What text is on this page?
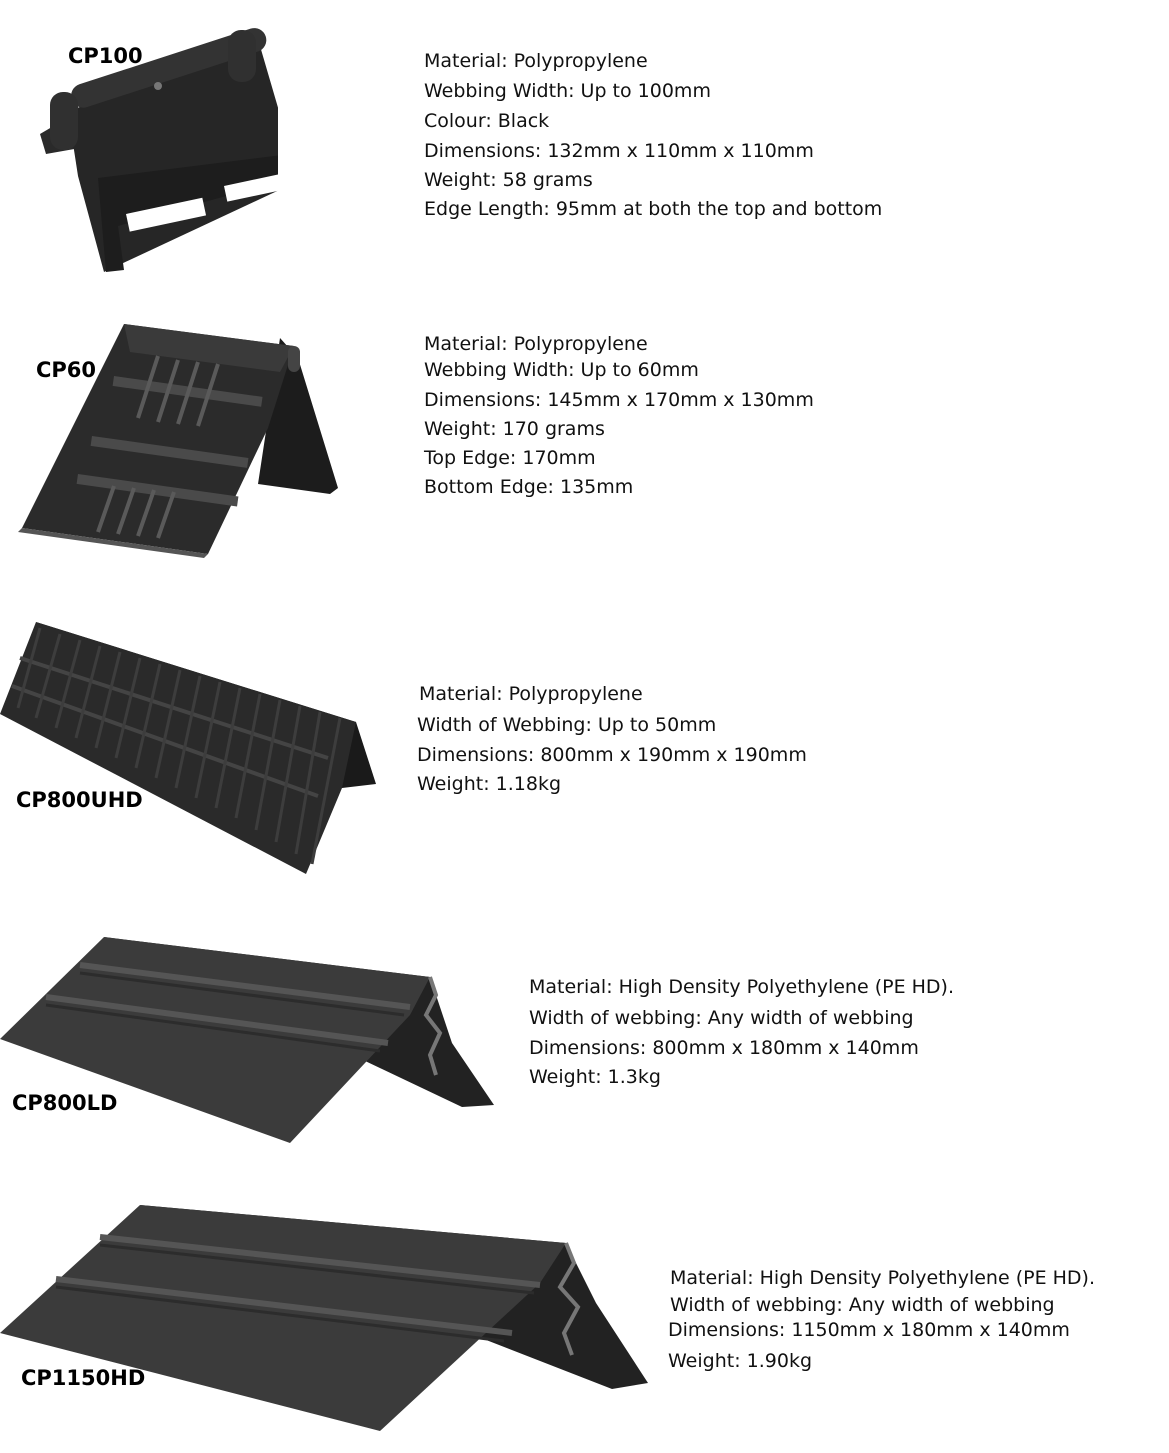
CP100	Material: Polypropylene
Webbing Width: Up to 100mm
Colour: Black
Dimensions: 132mm x 110mm x 110mm
Weight: 58 grams
Edge Length: 95mm at both the top and bottom
CP60
Material: Polypropylene
Webbing Width: Up to 60mm
Dimensions: 145mm x 170mm x 130mm
Weight: 170 grams
Top Edge: 170mm
Bottom Edge: 135mm
CP800UHD
Material: Polypropylene
Width of Webbing: Up to 50mm
Dimensions: 800mm x 190mm x 190mm
Weight: 1.18kg
CP800LD
Material: High Density Polyethylene (PE HD).
Width of webbing: Any width of webbing
Dimensions: 800mm x 180mm x 140mm
Weight: 1.3kg
CP1150HD
Material: High Density Polyethylene (PE HD).
Width of webbing: Any width of webbing
Dimensions: 1150mm x 180mm x 140mm
Weight: 1.90kg
